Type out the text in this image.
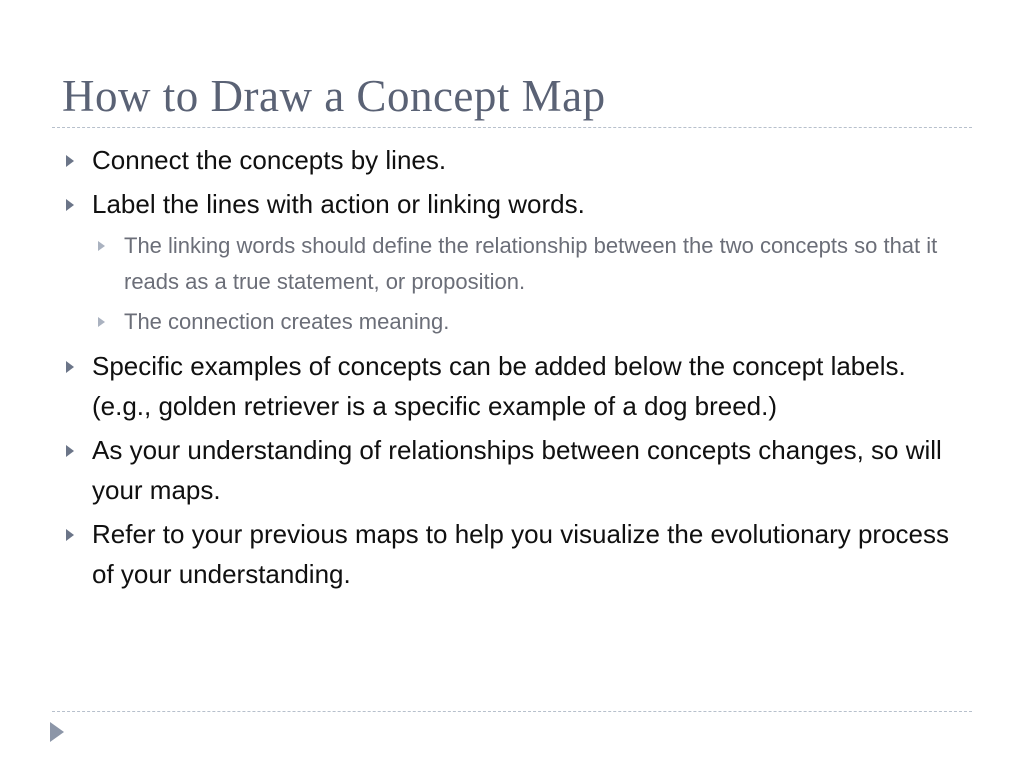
How to Draw a Concept Map
Connect the concepts by lines.
Label the lines with action or linking words.
The linking words should define the relationship between the two concepts so that it reads as a true statement, or proposition.
The connection creates meaning.
Specific examples of concepts can be added below the concept labels. (e.g., golden retriever is a specific example of a dog breed.)
As your understanding of relationships between concepts changes, so will your maps.
Refer to your previous maps to help you visualize the evolutionary process of your understanding.
